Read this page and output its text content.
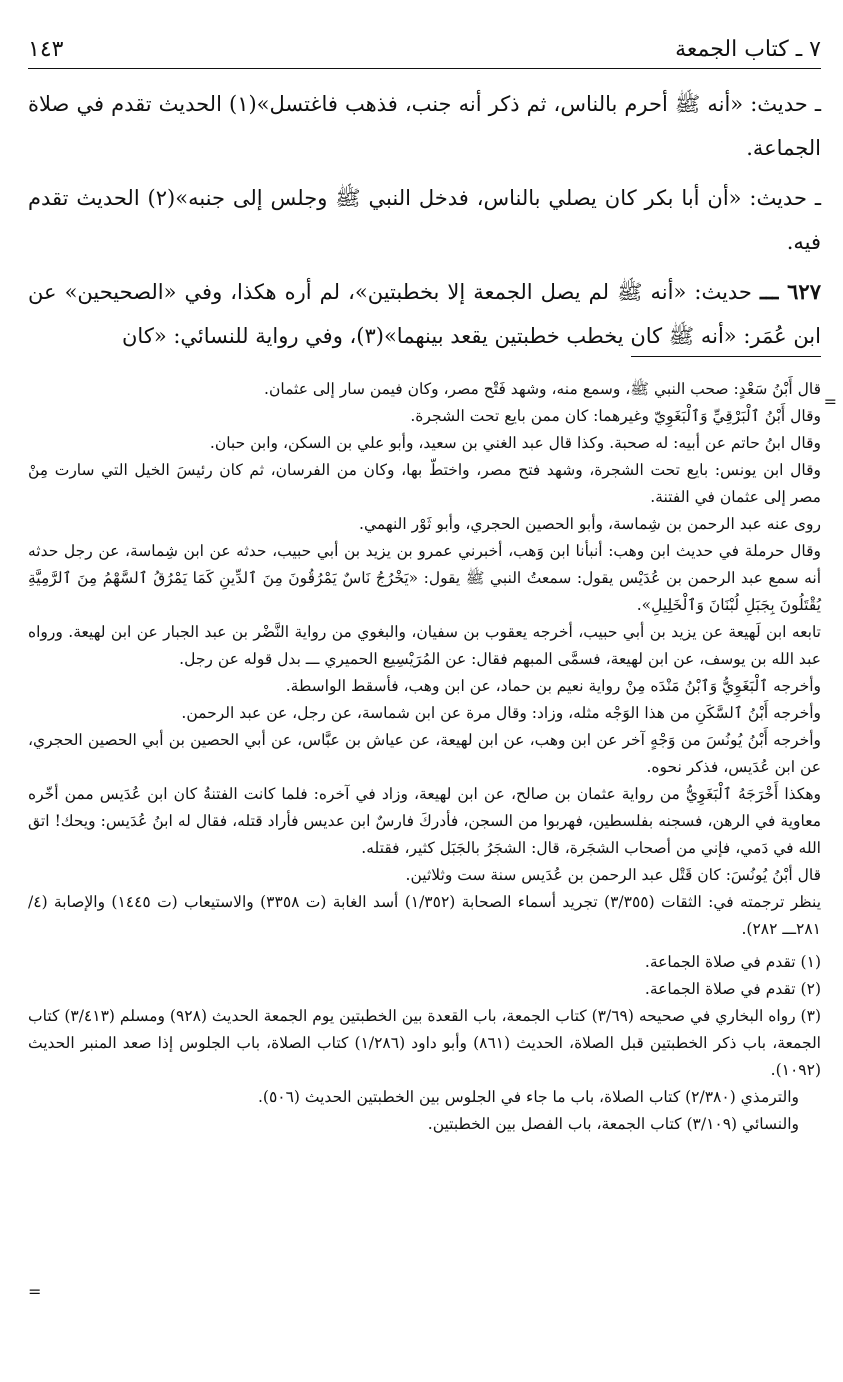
٧ ـ كتاب الجمعة
١٤٣

ـ حديث: «أنه ﷺ أحرم بالناس، ثم ذكر أنه جنب، فذهب فاغتسل»(١) الحديث تقدم في صلاة الجماعة.

ـ حديث: «أن أبا بكر كان يصلي بالناس، فدخل النبي ﷺ وجلس إلى جنبه»(٢) الحديث تقدم فيه.

٦٢٧ ـــ حديث: «أنه ﷺ لم يصل الجمعة إلا بخطبتين»، لم أره هكذا، وفي «الصحيحين» عن ابن عُمَر: «أنه ﷺ كان يخطب خطبتين يقعد بينهما»(٣)، وفي رواية للنسائي: «كان

=

قال أَبْنُ سَعْدٍ: صحب النبي ﷺ، وسمع منه، وشهد فَتْح مصر، وكان فيمن سار إلى عثمان.

وقال أَبْنُ ٱلْبَرْقِيِّ وَٱلْبَغَوِيّ وغيرهما: كان ممن بايع تحت الشجرة.

وقال ابنُ حاتم عن أبيه: له صحبة. وكذا قال عبد الغني بن سعيد، وأبو علي بن السكن، وابن حبان.

وقال ابن يونس: بايع تحت الشجرة، وشهد فتح مصر، واختطّ بها، وكان من الفرسان، ثم كان رئيسَ الخيل التي سارت مِنْ مصر إلى عثمان في الفتنة.

روى عنه عبد الرحمن بن شِماسة، وأبو الحصين الحجري، وأبو ثَوْر النهمي.

وقال حرملة في حديث ابن وهب: أنبأنا ابن وَهب، أخبرني عمرو بن يزيد بن أبي حبيب، حدثه عن ابن شِماسة، عن رجل حدثه أنه سمع عبد الرحمن بن عُدَيْس يقول: سمعتُ النبي ﷺ يقول: «يَخْرُجُ نَاسٌ يَمْرُقُونَ مِنَ ٱلدِّينِ كَمَا يَمْرُقُ ٱلسَّهْمُ مِنَ ٱلرَّمِيَّةِ يُقْتَلُونَ بِجَبَلِ لُبْنَانَ وَٱلْخَلِيلِ».

تابعه ابن لَهيعة عن يزيد بن أبي حبيب، أخرجه يعقوب بن سفيان، والبغوي من رواية النَّضْر بن عبد الجبار عن ابن لهيعة. ورواه عبد الله بن يوسف، عن ابن لهيعة، فسمَّى المبهم فقال: عن المُرَيْسِيع الحميري ـــ بدل قوله عن رجل.

وأخرجه ٱلْبَغَوِيُّ وَٱبْنُ مَنْدَه مِنْ رواية نعيم بن حماد، عن ابن وهب، فأسقط الواسطة.

وأخرجه أَبْنُ ٱلسَّكَنِ من هذا الوَجْه مثله، وزاد: وقال مرة عن ابن شماسة، عن رجل، عن عبد الرحمن.

وأخرجه أَبْنُ يُونُسَ من وَجْهٍ آخر عن ابن وهب، عن ابن لهيعة، عن عياش بن عبَّاس، عن أبي الحصين بن أبي الحصين الحجري، عن ابن عُدَيس، فذكر نحوه.

وهكذا أَخْرَجَهُ ٱلْبَغَوِيُّ من رواية عثمان بن صالح، عن ابن لهيعة، وزاد في آخره: فلما كانت الفتنةُ كان ابن عُدَيس ممن أخّره معاوية في الرهن، فسجنه بفلسطين، فهربوا من السجن، فأدركَ فارسٌ ابن عديس فأراد قتله، فقال له ابنُ عُدَيس: ويحك! اتق الله في دَمي، فإني من أصحاب الشجَرة، قال: الشجَرُ بالجَبَل كثير، فقتله.

قال أبْنُ يُونُسَ: كان قَتْل عبد الرحمن بن عُدَيس سنة ست وثلاثين.

ينظر ترجمته في: الثقات (٣/٣٥٥) تجريد أسماء الصحابة (١/٣٥٢) أسد الغابة (ت ٣٣٥٨) والاستيعاب (ت ١٤٤٥) والإصابة (٤/ ٢٨١ـــ ٢٨٢).

(١) تقدم في صلاة الجماعة.

(٢) تقدم في صلاة الجماعة.

(٣) رواه البخاري في صحيحه (٣/٦٩) كتاب الجمعة، باب القعدة بين الخطبتين يوم الجمعة الحديث (٩٢٨) ومسلم (٣/٤١٣) كتاب الجمعة، باب ذكر الخطبتين قبل الصلاة، الحديث (٨٦١) وأبو داود (١/٢٨٦) كتاب الصلاة، باب الجلوس إذا صعد المنبر الحديث (١٠٩٢).

والترمذي (٢/٣٨٠) كتاب الصلاة، باب ما جاء في الجلوس بين الخطبتين الحديث (٥٠٦).

والنسائي (٣/١٠٩) كتاب الجمعة، باب الفصل بين الخطبتين.

=
